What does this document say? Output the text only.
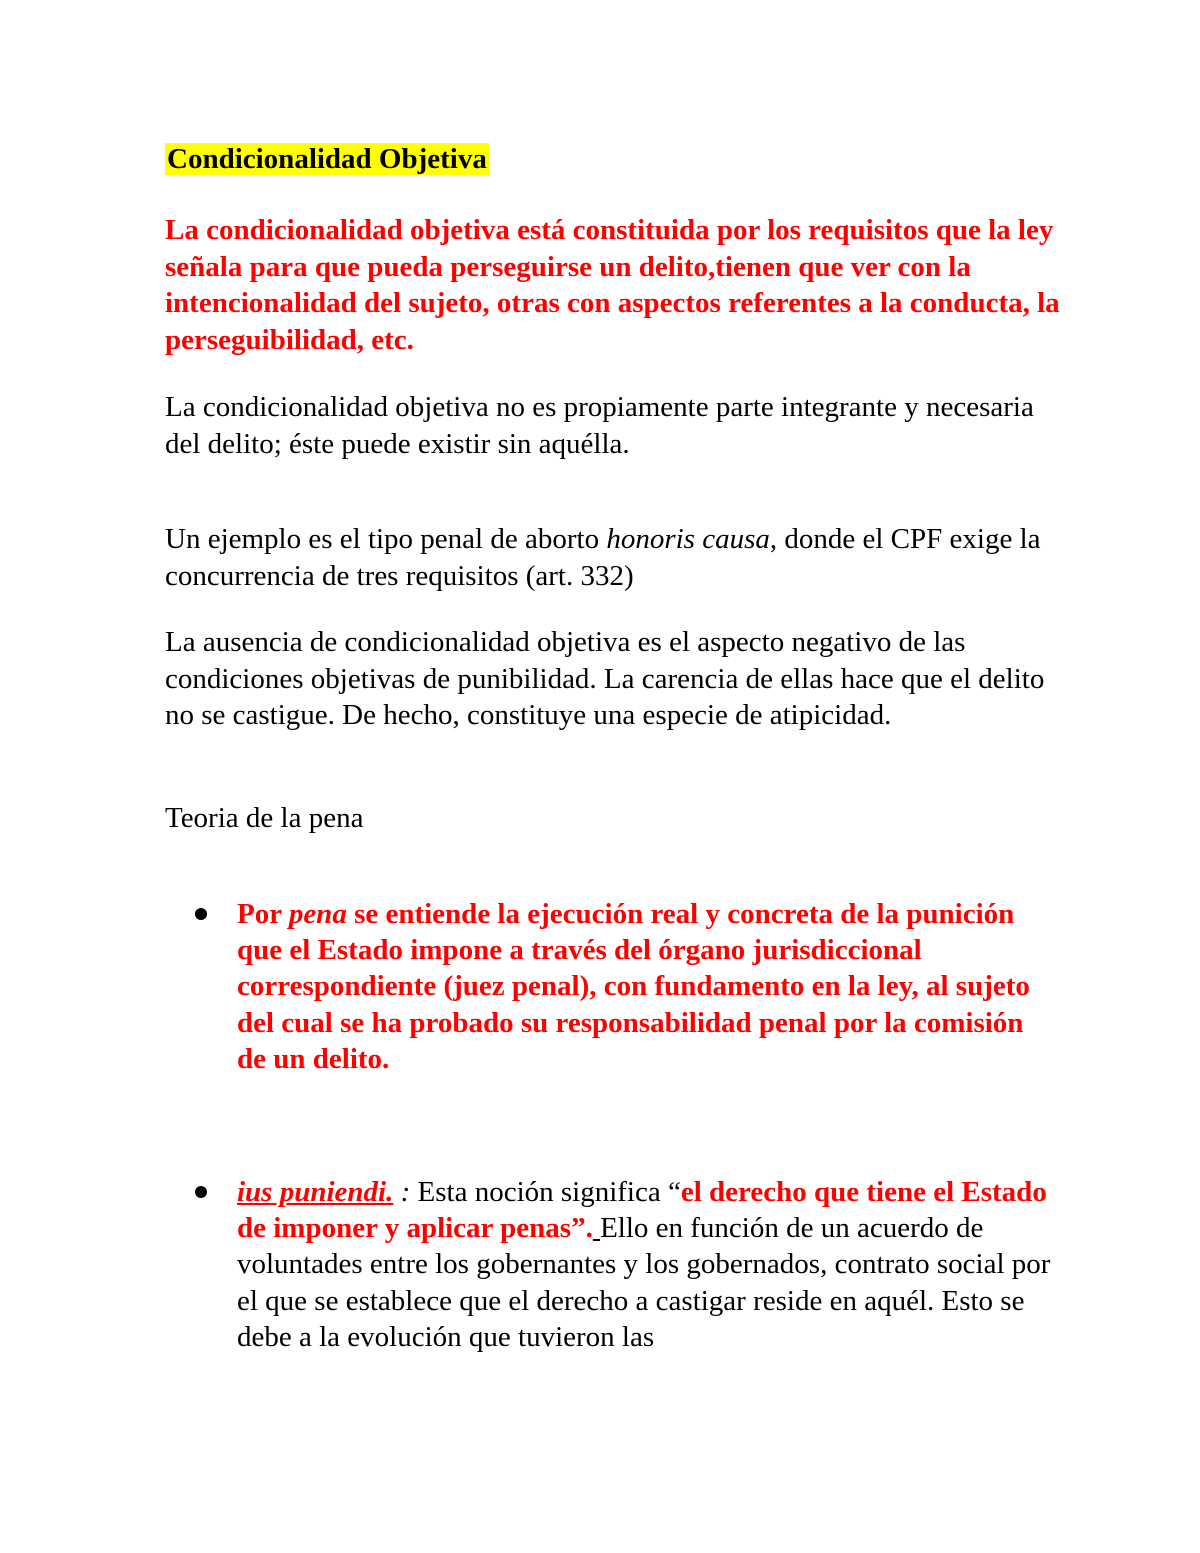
Condicionalidad Objetiva

La condicionalidad objetiva está constituida por los requisitos que la ley señala para que pueda perseguirse un delito,tienen que ver con la intencionalidad del sujeto, otras con aspectos referentes a la conducta, la perseguibilidad, etc.

La condicionalidad objetiva no es propiamente parte integrante y necesaria del delito; éste puede existir sin aquélla.

Un ejemplo es el tipo penal de aborto honoris causa, donde el CPF exige la concurrencia de tres requisitos (art. 332)

La ausencia de condicionalidad objetiva es el aspecto negativo de las condiciones objetivas de punibilidad. La carencia de ellas hace que el delito no se castigue. De hecho, constituye una especie de atipicidad.

Teoria de la pena

Por pena se entiende la ejecución real y concreta de la punición que el Estado impone a través del órgano jurisdiccional correspondiente (juez penal), con fundamento en la ley, al sujeto del cual se ha probado su responsabilidad penal por la comisión de un delito.

ius puniendi. : Esta noción significa “el derecho que tiene el Estado de imponer y aplicar penas”. Ello en función de un acuerdo de voluntades entre los gobernantes y los gobernados, contrato social por el que se establece que el derecho a castigar reside en aquél. Esto se debe a la evolución que tuvieron las
